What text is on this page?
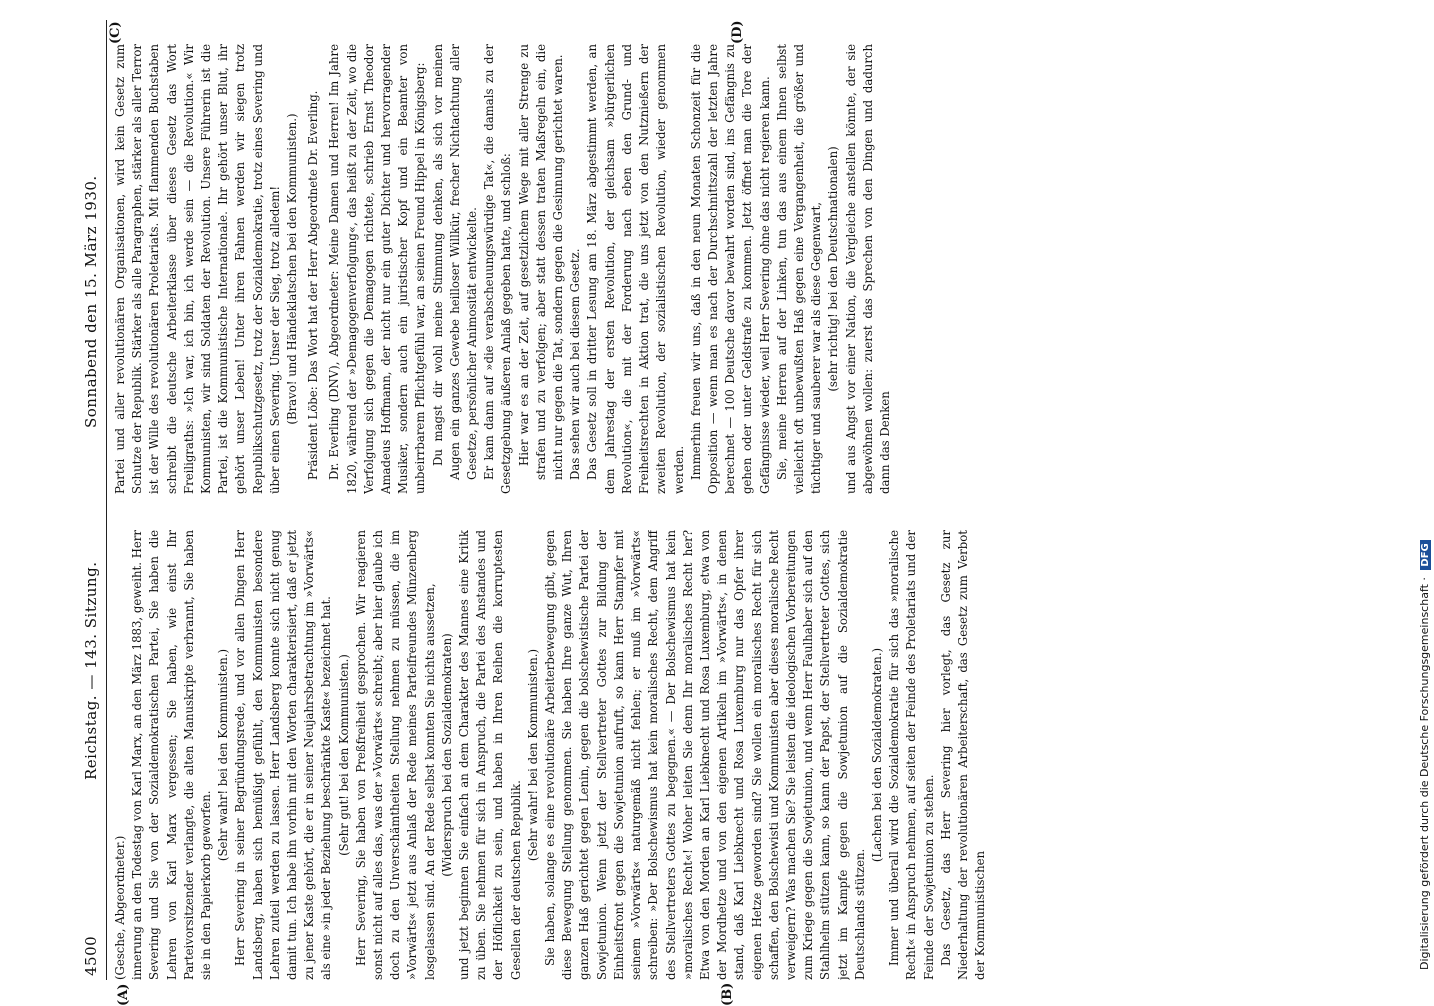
4500
Reichstag. — 143. Sitzung.
Sonnabend den 15. März 1930.
(A)	(B)
(C)	(D)

(Gesche, Abgeordneter.) innerung an den Todestag von Karl Marx, an den März 1883, geweiht. Herr Severing und Sie von der Sozialdemokratischen Partei, Sie haben die Lehren von Karl Marx vergessen; Sie haben, wie einst Ihr Parteivorsitzender verlangte, die alten Manuskripte verbrannt, Sie haben sie in den Papierkorb geworfen.

(Sehr wahr! bei den Kommunisten.) Herr Severing in seiner Begründungsrede, und vor allen Dingen Herr Landsberg, haben sich bemüßigt gefühlt, den Kommunisten besondere Lehren zuteil werden zu lassen. Herr Landsberg konnte sich nicht genug damit tun. Ich habe ihn vorhin mit den Worten charakterisiert, daß er jetzt zu jener Kaste gehört, die er in seiner Neujahrsbetrachtung im »Vorwärts« als eine »in jeder Beziehung beschränkte Kaste« bezeichnet hat. (Sehr gut! bei den Kommunisten.) Herr Severing, Sie haben von Preßfreiheit gesprochen. Wir reagieren sonst nicht auf alles das, was der »Vorwärts« schreibt; aber hier glaube ich doch zu den Unverschämtheiten Stellung nehmen zu müssen, die im »Vorwärts« jetzt aus Anlaß der Rede meines Parteifreundes Münzenberg losgelassen sind. An der Rede selbst konnten Sie nichts aussetzen, (Widerspruch bei den Sozialdemokraten) und jetzt beginnen Sie einfach an dem Charakter des Mannes eine Kritik zu üben. Sie nehmen für sich in Anspruch, die Partei des Anstandes und der Höflichkeit zu sein, und haben in Ihren Reihen die korruptesten Gesellen der deutschen Republik.

(Sehr wahr! bei den Kommunisten.) Sie haben, solange es eine revolutionäre Arbeiterbewegung gibt, gegen diese Bewegung Stellung genommen. Sie haben Ihre ganze Wut, Ihren ganzen Haß gerichtet gegen Lenin, gegen die bolschewistische Partei der Sowjetunion. Wenn jetzt der Stellvertreter Gottes zur Bildung der Einheitsfront gegen die Sowjetunion aufruft, so kann Herr Stampfer mit seinem »Vorwärts« naturgemäß nicht fehlen; er muß im »Vorwärts« schreiben: »Der Bolschewismus hat kein moralisches Recht, dem Angriff des Stellvertreters Gottes zu begegnen.« — Der Bolschewismus hat kein »moralisches Recht«! Woher leiten Sie denn Ihr moralisches Recht her? Etwa von den Morden an Karl Liebknecht und Rosa Luxemburg, etwa von der Mordhetze und von den eigenen Artikeln im »Vorwärts«, in denen stand, daß Karl Liebknecht und Rosa Luxemburg nur das Opfer ihrer eigenen Hetze geworden sind? Sie wollen ein moralisches Recht für sich schaffen, den Bolschewisti und Kommunisten aber dieses moralische Recht verweigern? Was machen Sie? Sie leisten die ideologischen Vorbereitungen zum Kriege gegen die Sowjetunion, und wenn Herr Faulhaber sich auf den Stahlhelm stützen kann, so kann der Papst, der Stellvertreter Gottes, sich jetzt im Kampfe gegen die Sowjetunion auf die Sozialdemokratie Deutschlands stützen.

(Lachen bei den Sozialdemokraten.) Immer und überall wird die Sozialdemokratie für sich das »moralische Recht« in Anspruch nehmen, auf seiten der Feinde des Proletariats und der Feinde der Sowjetunion zu stehen. Das Gesetz, das Herr Severing hier vorlegt, das Gesetz zur Niederhaltung der revolutionären Arbeiterschaft, das Gesetz zum Verbot der Kommunistischen

Partei und aller revolutionären Organisationen, wird kein Gesetz zum Schutze der Republik. Stärker als alle Paragraphen, stärker als aller Terror ist der Wille des revolutionären Proletariats. Mit flammenden Buchstaben schreibt die deutsche Arbeiterklasse über dieses Gesetz das Wort Freiligraths: »Ich war, ich bin, ich werde sein — die Revolution.« Wir Kommunisten, wir sind Soldaten der Revolution. Unsere Führerin ist die Partei, ist die Kommunistische Internationale. Ihr gehört unser Blut, ihr gehört unser Leben! Unter ihren Fahnen werden wir siegen trotz Republikschutzgesetz, trotz der Sozialdemokratie, trotz eines Severing und über einen Severing. Unser der Sieg, trotz alledem! (Bravo! und Händeklatschen bei den Kommunisten.) Präsident Löbe: Das Wort hat der Herr Abgeordnete Dr. Everling. Dr. Everling (DNV), Abgeordneter: Meine Damen und Herren! Im Jahre 1820, während der »Demagogenverfolgung«, das heißt zu der Zeit, wo die Verfolgung sich gegen die Demagogen richtete, schrieb Ernst Theodor Amadeus Hoffmann, der nicht nur ein guter Dichter und hervorragender Musiker, sondern auch ein juristischer Kopf und ein Beamter von unbeirrbarem Pflichtgefühl war, an seinen Freund Hippel in Königsberg: Du magst dir wohl meine Stimmung denken, als sich vor meinen Augen ein ganzes Gewebe heilloser Willkür, frecher Nichtachtung aller Gesetze, persönlicher Animosität entwickelte. Er kam dann auf »die verabscheuungswürdige Tat«, die damals zu der Gesetzgebung äußeren Anlaß gegeben hatte, und schloß: Hier war es an der Zeit, auf gesetzlichem Wege mit aller Strenge zu strafen und zu verfolgen; aber statt dessen traten Maßregeln ein, die nicht nur gegen die Tat, sondern gegen die Gesinnung gerichtet waren. Das sehen wir auch bei diesem Gesetz. Das Gesetz soll in dritter Lesung am 18. März abgestimmt werden, an dem Jahrestag der ersten Revolution, der gleichsam »bürgerlichen Revolution«, die mit der Forderung nach eben den Grund- und Freiheitsrechten in Aktion trat, die uns jetzt von den Nutznießern der zweiten Revolution, der sozialistischen Revolution, wieder genommen werden. Immerhin freuen wir uns, daß in den neun Monaten Schonzeit für die Opposition — wenn man es nach der Durchschnittszahl der letzten Jahre berechnet — 100 Deutsche davor bewahrt worden sind, ins Gefängnis zu gehen oder unter Geldstrafe zu kommen. Jetzt öffnet man die Tore der Gefängnisse wieder, weil Herr Severing ohne das nicht regieren kann. Sie, meine Herren auf der Linken, tun das aus einem Ihnen selbst vielleicht oft unbewußten Haß gegen eine Vergangenheit, die größer und tüchtiger und sauberer war als diese Gegenwart, (sehr richtig! bei den Deutschnationalen) und aus Angst vor einer Nation, die Vergleiche anstellen könnte, der sie abgewöhnen wollen: zuerst das Sprechen von den Dingen und dadurch dann das Denken

Digitalisierung gefördert durch die Deutsche Forschungsgemeinschaft · DFG
